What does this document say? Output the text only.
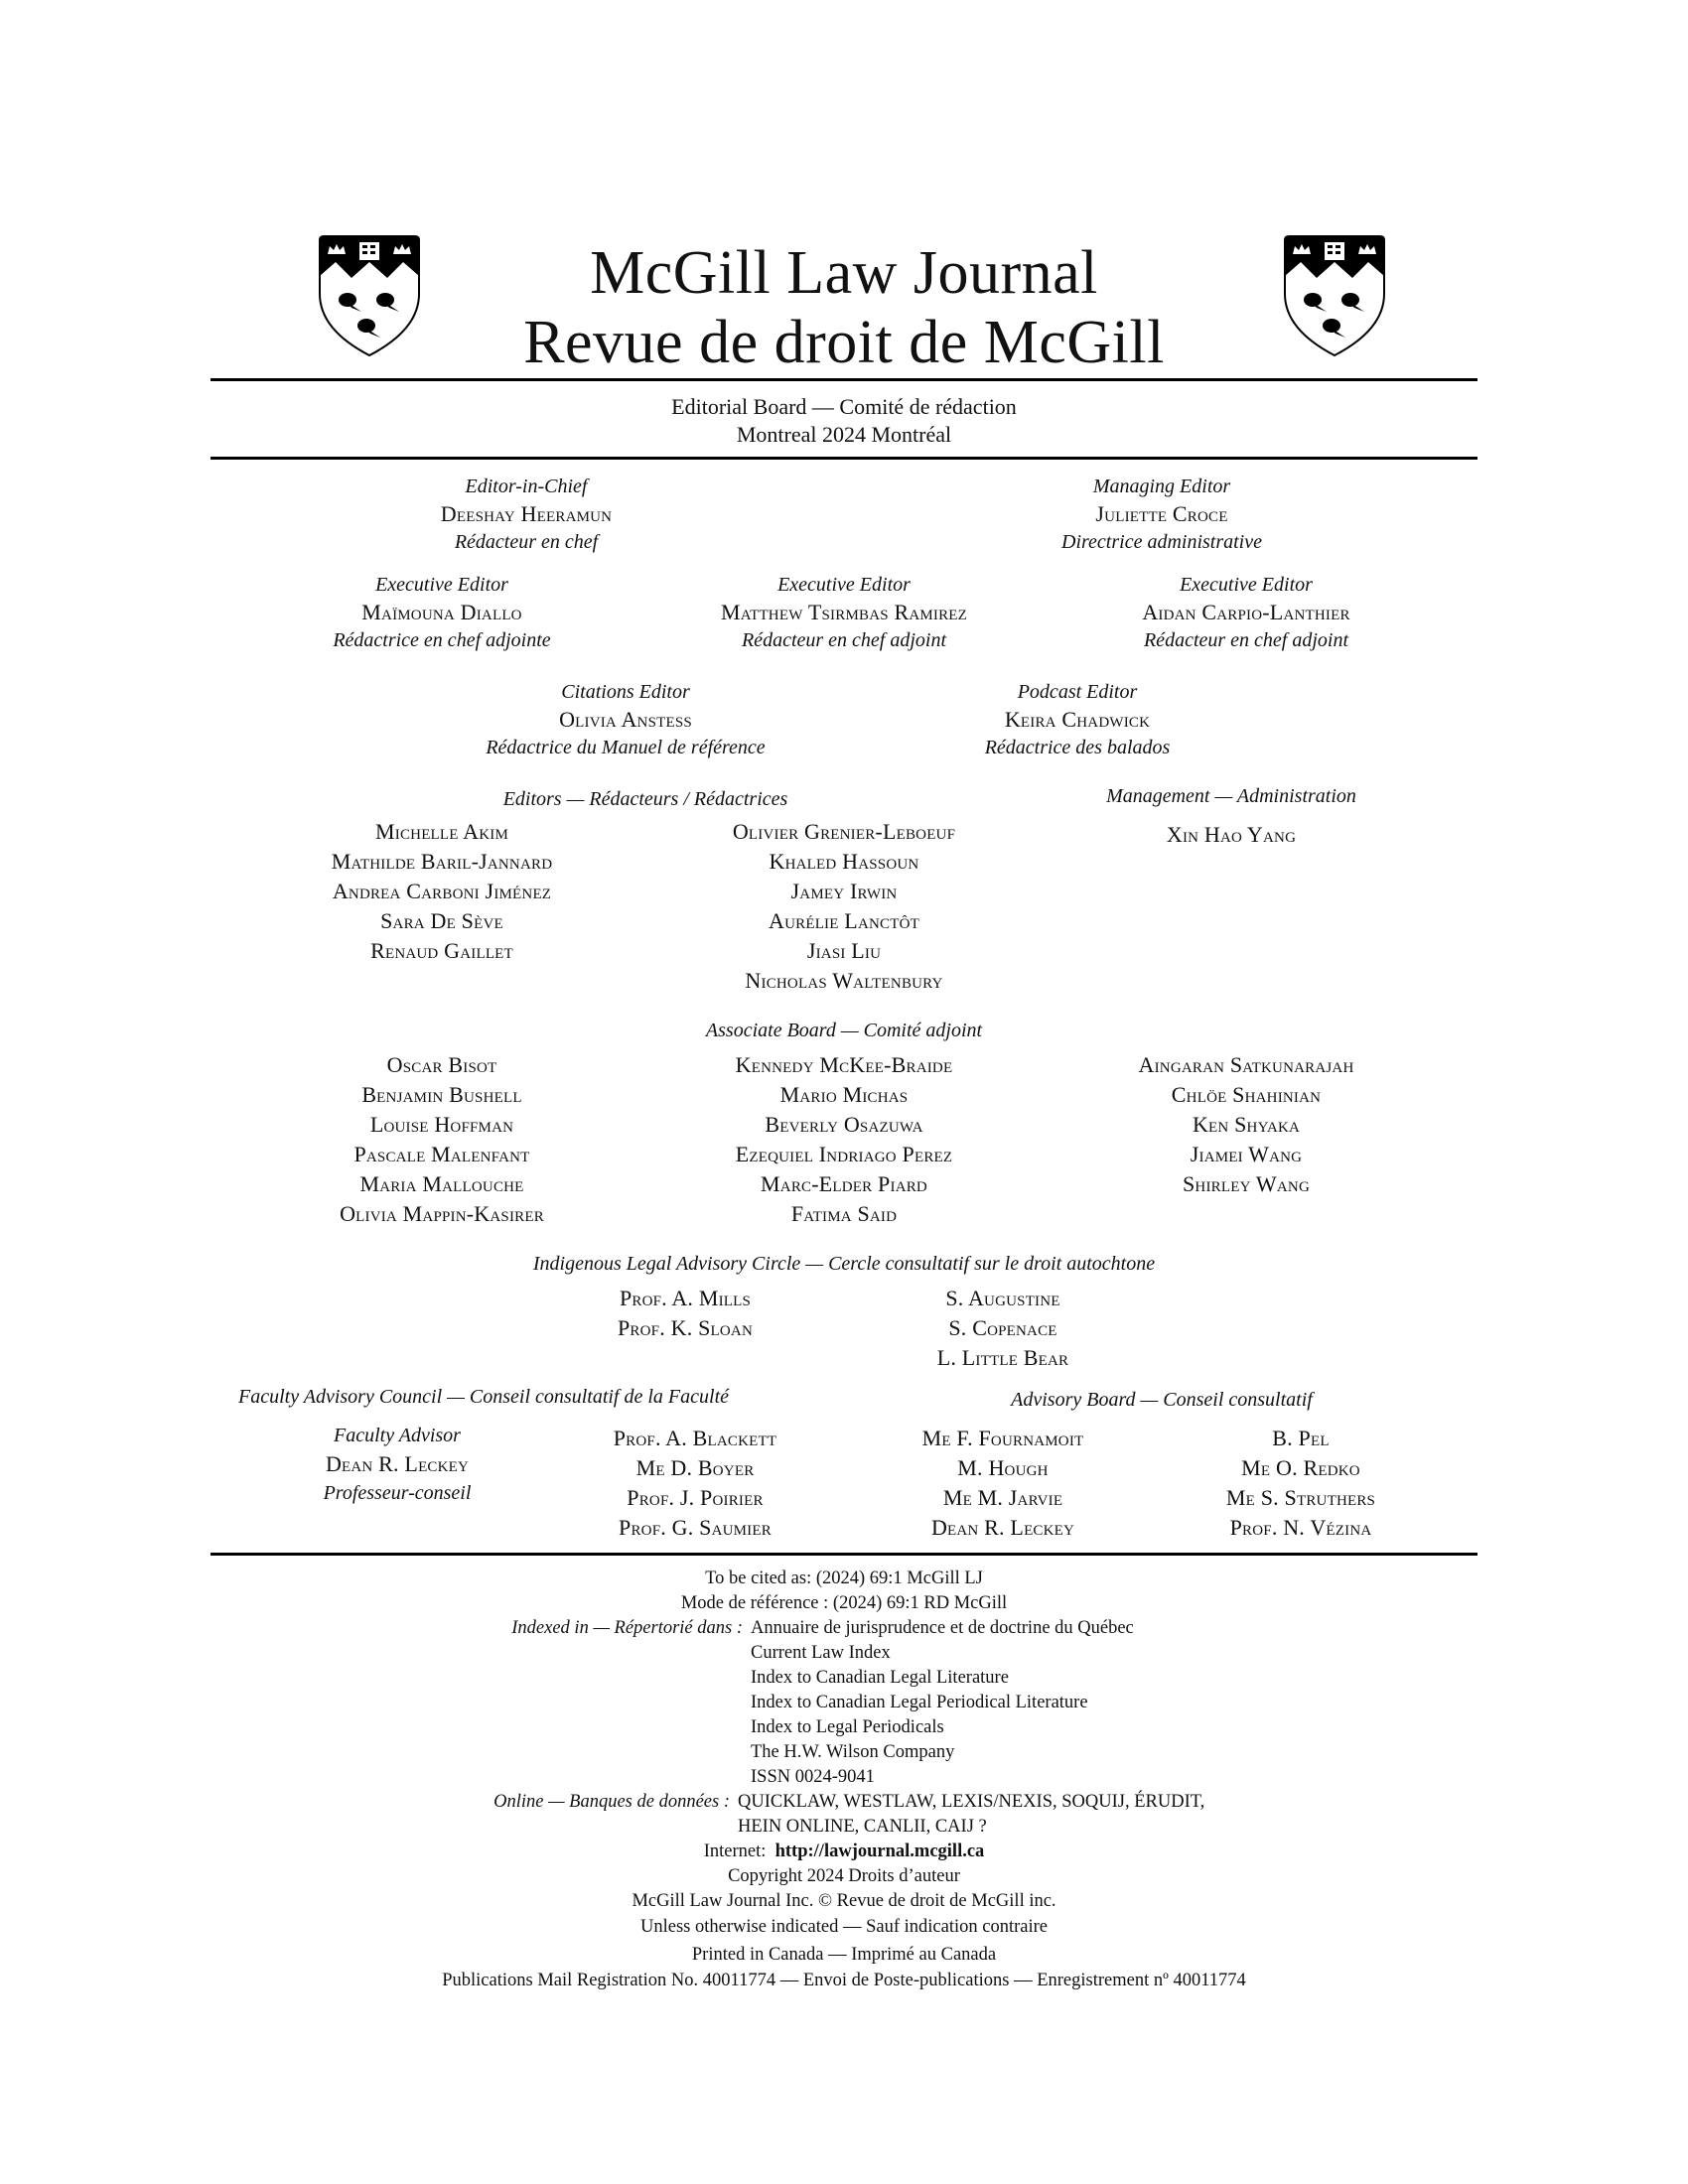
McGill Law Journal
Revue de droit de McGill
Editorial Board — Comité de rédaction
Montreal 2024 Montréal
Editor-in-Chief
Deeshay Heeramun
Rédacteur en chef
Managing Editor
Juliette Croce
Directrice administrative
Executive Editor
Maïmouna Diallo
Rédactrice en chef adjointe
Executive Editor
Matthew Tsirmbas Ramirez
Rédacteur en chef adjoint
Executive Editor
Aidan Carpio-Lanthier
Rédacteur en chef adjoint
Citations Editor
Olivia Anstess
Rédactrice du Manuel de référence
Podcast Editor
Keira Chadwick
Rédactrice des balados
Editors — Rédacteurs / Rédactrices	Management — Administration
Michelle Akim
Mathilde Baril-Jannard
Andrea Carboni Jiménez
Sara De Sève
Renaud Gaillet
Olivier Grenier-Leboeuf
Khaled Hassoun
Jamey Irwin
Aurélie Lanctôt
Jiasi Liu
Nicholas Waltenbury
Xin Hao Yang
Associate Board — Comité adjoint
Oscar Bisot
Benjamin Bushell
Louise Hoffman
Pascale Malenfant
Maria Mallouche
Olivia Mappin-Kasirer
Kennedy McKee-Braide
Mario Michas
Beverly Osazuwa
Ezequiel Indriago Perez
Marc-Elder Piard
Fatima Said
Aingaran Satkunarajah
Chlöe Shahinian
Ken Shyaka
Jiamei Wang
Shirley Wang
Indigenous Legal Advisory Circle — Cercle consultatif sur le droit autochtone
Prof. A. Mills
Prof. K. Sloan
S. Augustine
S. Copenace
L. Little Bear
Faculty Advisory Council — Conseil consultatif de la Faculté	Advisory Board — Conseil consultatif
Faculty Advisor
Dean R. Leckey
Professeur-conseil
Prof. A. Blackett
Me D. Boyer
Prof. J. Poirier
Prof. G. Saumier
Me F. Fournamoit
M. Hough
Me M. Jarvie
Dean R. Leckey
B. Pel
Me O. Redko
Me S. Struthers
Prof. N. Vézina
To be cited as: (2024) 69:1 McGill LJ
Mode de référence : (2024) 69:1 RD McGill
Indexed in — Répertorié dans : Annuaire de jurisprudence et de doctrine du Québec
Current Law Index
Index to Canadian Legal Literature
Index to Canadian Legal Periodical Literature
Index to Legal Periodicals
The H.W. Wilson Company
ISSN 0024-9041
Online — Banques de données : QUICKLAW, WESTLAW, LEXIS/NEXIS, SOQUIJ, ÉRUDIT,
HEIN ONLINE, CANLII, CAIJ ?
Internet: http://lawjournal.mcgill.ca
Copyright 2024 Droits d’auteur
McGill Law Journal Inc. © Revue de droit de McGill inc.
Unless otherwise indicated — Sauf indication contraire
Printed in Canada — Imprimé au Canada
Publications Mail Registration No. 40011774 — Envoi de Poste-publications — Enregistrement nº 40011774
